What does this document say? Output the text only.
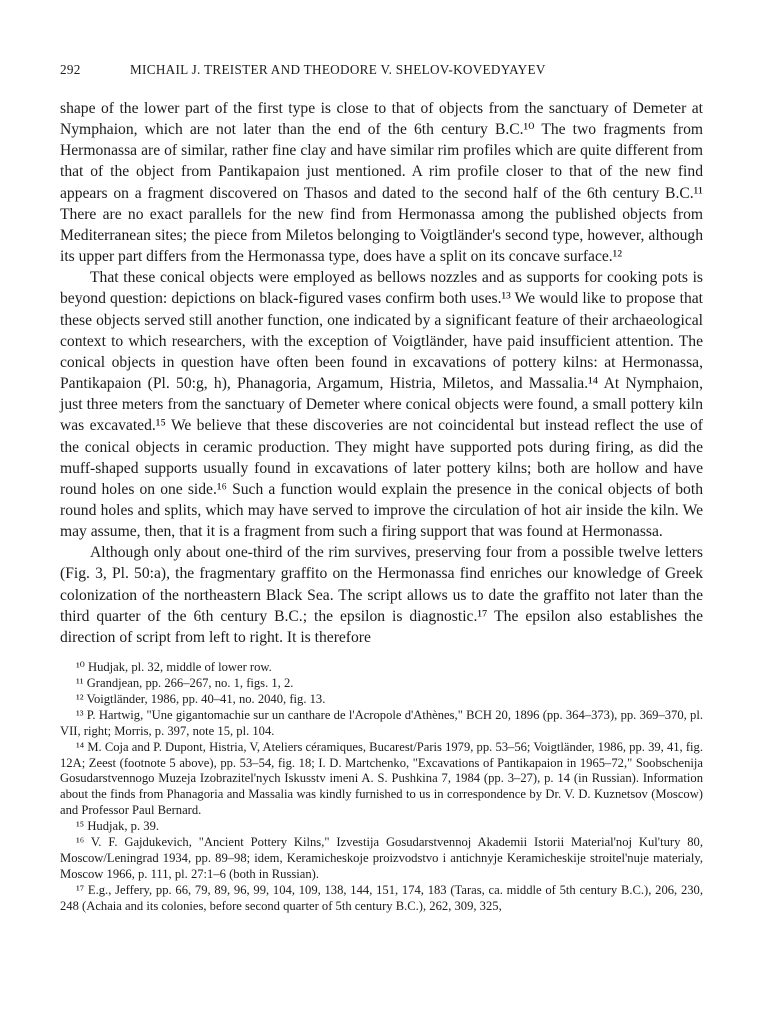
292	MICHAIL J. TREISTER AND THEODORE V. SHELOV-KOVEDYAYEV

shape of the lower part of the first type is close to that of objects from the sanctuary of Demeter at Nymphaion, which are not later than the end of the 6th century B.C.¹⁰ The two fragments from Hermonassa are of similar, rather fine clay and have similar rim profiles which are quite different from that of the object from Pantikapaion just mentioned. A rim profile closer to that of the new find appears on a fragment discovered on Thasos and dated to the second half of the 6th century B.C.¹¹ There are no exact parallels for the new find from Hermonassa among the published objects from Mediterranean sites; the piece from Miletos belonging to Voigtländer's second type, however, although its upper part differs from the Hermonassa type, does have a split on its concave surface.¹²

That these conical objects were employed as bellows nozzles and as supports for cooking pots is beyond question: depictions on black-figured vases confirm both uses.¹³ We would like to propose that these objects served still another function, one indicated by a significant feature of their archaeological context to which researchers, with the exception of Voigtländer, have paid insufficient attention. The conical objects in question have often been found in excavations of pottery kilns: at Hermonassa, Pantikapaion (Pl. 50:g, h), Phanagoria, Argamum, Histria, Miletos, and Massalia.¹⁴ At Nymphaion, just three meters from the sanctuary of Demeter where conical objects were found, a small pottery kiln was excavated.¹⁵ We believe that these discoveries are not coincidental but instead reflect the use of the conical objects in ceramic production. They might have supported pots during firing, as did the muff-shaped supports usually found in excavations of later pottery kilns; both are hollow and have round holes on one side.¹⁶ Such a function would explain the presence in the conical objects of both round holes and splits, which may have served to improve the circulation of hot air inside the kiln. We may assume, then, that it is a fragment from such a firing support that was found at Hermonassa.

Although only about one-third of the rim survives, preserving four from a possible twelve letters (Fig. 3, Pl. 50:a), the fragmentary graffito on the Hermonassa find enriches our knowledge of Greek colonization of the northeastern Black Sea. The script allows us to date the graffito not later than the third quarter of the 6th century B.C.; the epsilon is diagnostic.¹⁷ The epsilon also establishes the direction of script from left to right. It is therefore

¹⁰ Hudjak, pl. 32, middle of lower row.

¹¹ Grandjean, pp. 266–267, no. 1, figs. 1, 2.

¹² Voigtländer, 1986, pp. 40–41, no. 2040, fig. 13.

¹³ P. Hartwig, "Une gigantomachie sur un canthare de l'Acropole d'Athènes," BCH 20, 1896 (pp. 364–373), pp. 369–370, pl. VII, right; Morris, p. 397, note 15, pl. 104.

¹⁴ M. Coja and P. Dupont, Histria, V, Ateliers céramiques, Bucarest/Paris 1979, pp. 53–56; Voigtländer, 1986, pp. 39, 41, fig. 12A; Zeest (footnote 5 above), pp. 53–54, fig. 18; I. D. Martchenko, "Excavations of Pantikapaion in 1965–72," Soobschenija Gosudarstvennogo Muzeja Izobrazitel'nych Iskusstv imeni A. S. Pushkina 7, 1984 (pp. 3–27), p. 14 (in Russian). Information about the finds from Phanagoria and Massalia was kindly furnished to us in correspondence by Dr. V. D. Kuznetsov (Moscow) and Professor Paul Bernard.

¹⁵ Hudjak, p. 39.

¹⁶ V. F. Gajdukevich, "Ancient Pottery Kilns," Izvestija Gosudarstvennoj Akademii Istorii Material'noj Kul'tury 80, Moscow/Leningrad 1934, pp. 89–98; idem, Keramicheskoje proizvodstvo i antichnyje Keramicheskije stroitel'nuje materialy, Moscow 1966, p. 111, pl. 27:1–6 (both in Russian).

¹⁷ E.g., Jeffery, pp. 66, 79, 89, 96, 99, 104, 109, 138, 144, 151, 174, 183 (Taras, ca. middle of 5th century B.C.), 206, 230, 248 (Achaia and its colonies, before second quarter of 5th century B.C.), 262, 309, 325,
